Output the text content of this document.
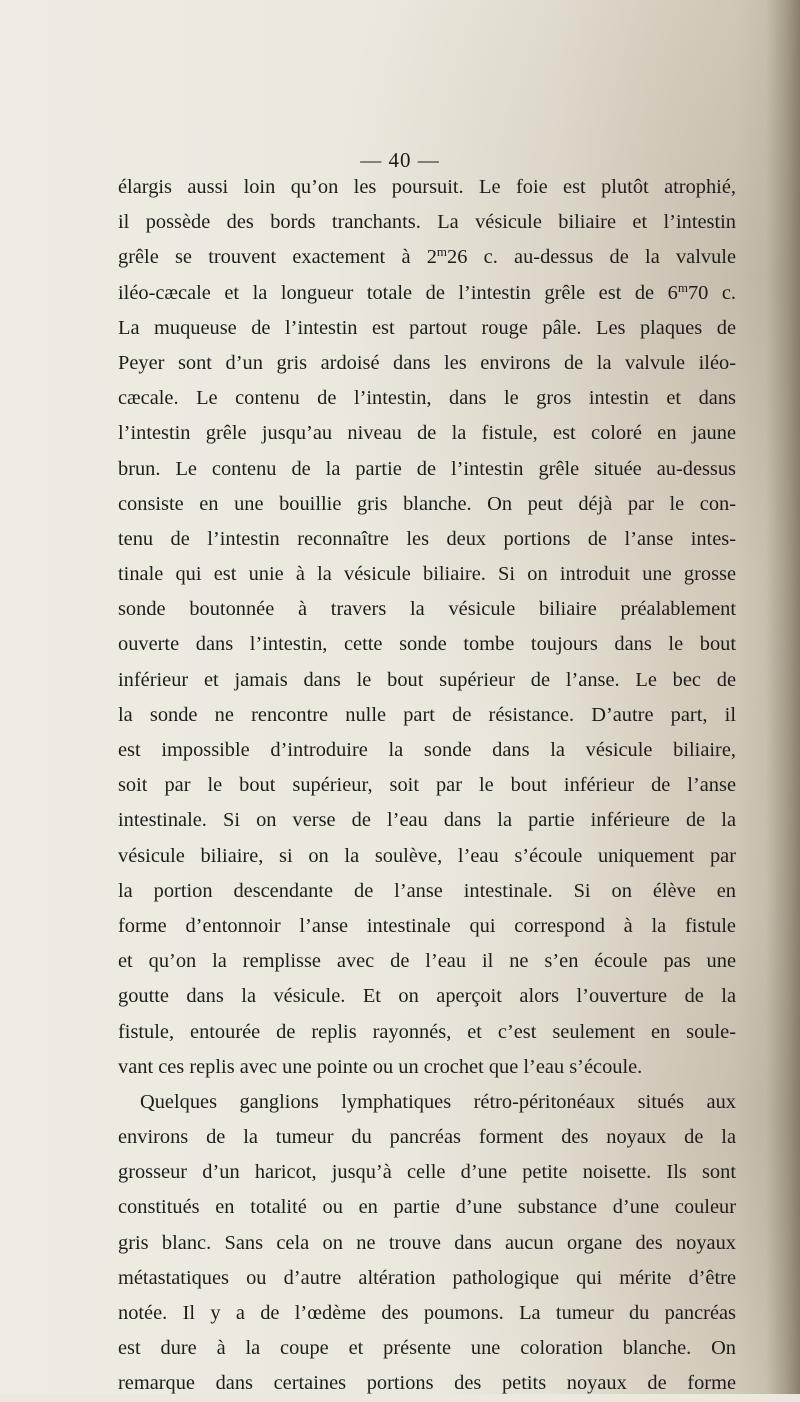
— 40 —
élargis aussi loin qu’on les poursuit. Le foie est plutôt atrophié,
il possède des bords tranchants. La vésicule biliaire et l’intestin
grêle se trouvent exactement à 2$^m$26 c. au-dessus de la valvule
iléo-cæcale et la longueur totale de l’intestin grêle est de 6$^m$70 c.
La muqueuse de l’intestin est partout rouge pâle. Les plaques de
Peyer sont d’un gris ardoisé dans les environs de la valvule iléo-
cæcale. Le contenu de l’intestin, dans le gros intestin et dans
l’intestin grêle jusqu’au niveau de la fistule, est coloré en jaune
brun. Le contenu de la partie de l’intestin grêle située au-dessus
consiste en une bouillie gris blanche. On peut déjà par le con-
tenu de l’intestin reconnaître les deux portions de l’anse intes-
tinale qui est unie à la vésicule biliaire. Si on introduit une grosse
sonde boutonnée à travers la vésicule biliaire préalablement
ouverte dans l’intestin, cette sonde tombe toujours dans le bout
inférieur et jamais dans le bout supérieur de l’anse. Le bec de
la sonde ne rencontre nulle part de résistance. D’autre part, il
est impossible d’introduire la sonde dans la vésicule biliaire,
soit par le bout supérieur, soit par le bout inférieur de l’anse
intestinale. Si on verse de l’eau dans la partie inférieure de la
vésicule biliaire, si on la soulève, l’eau s’écoule uniquement par
la portion descendante de l’anse intestinale. Si on élève en
forme d’entonnoir l’anse intestinale qui correspond à la fistule
et qu’on la remplisse avec de l’eau il ne s’en écoule pas une
goutte dans la vésicule. Et on aperçoit alors l’ouverture de la
fistule, entourée de replis rayonnés, et c’est seulement en soule-
vant ces replis avec une pointe ou un crochet que l’eau s’écoule.
Quelques ganglions lymphatiques rétro-péritonéaux situés aux
environs de la tumeur du pancréas forment des noyaux de la
grosseur d’un haricot, jusqu’à celle d’une petite noisette. Ils sont
constitués en totalité ou en partie d’une substance d’une couleur
gris blanc. Sans cela on ne trouve dans aucun organe des noyaux
métastatiques ou d’autre altération pathologique qui mérite d’être
notée. Il y a de l’œdème des poumons. La tumeur du pancréas
est dure à la coupe et présente une coloration blanche. On
remarque dans certaines portions des petits noyaux de forme
